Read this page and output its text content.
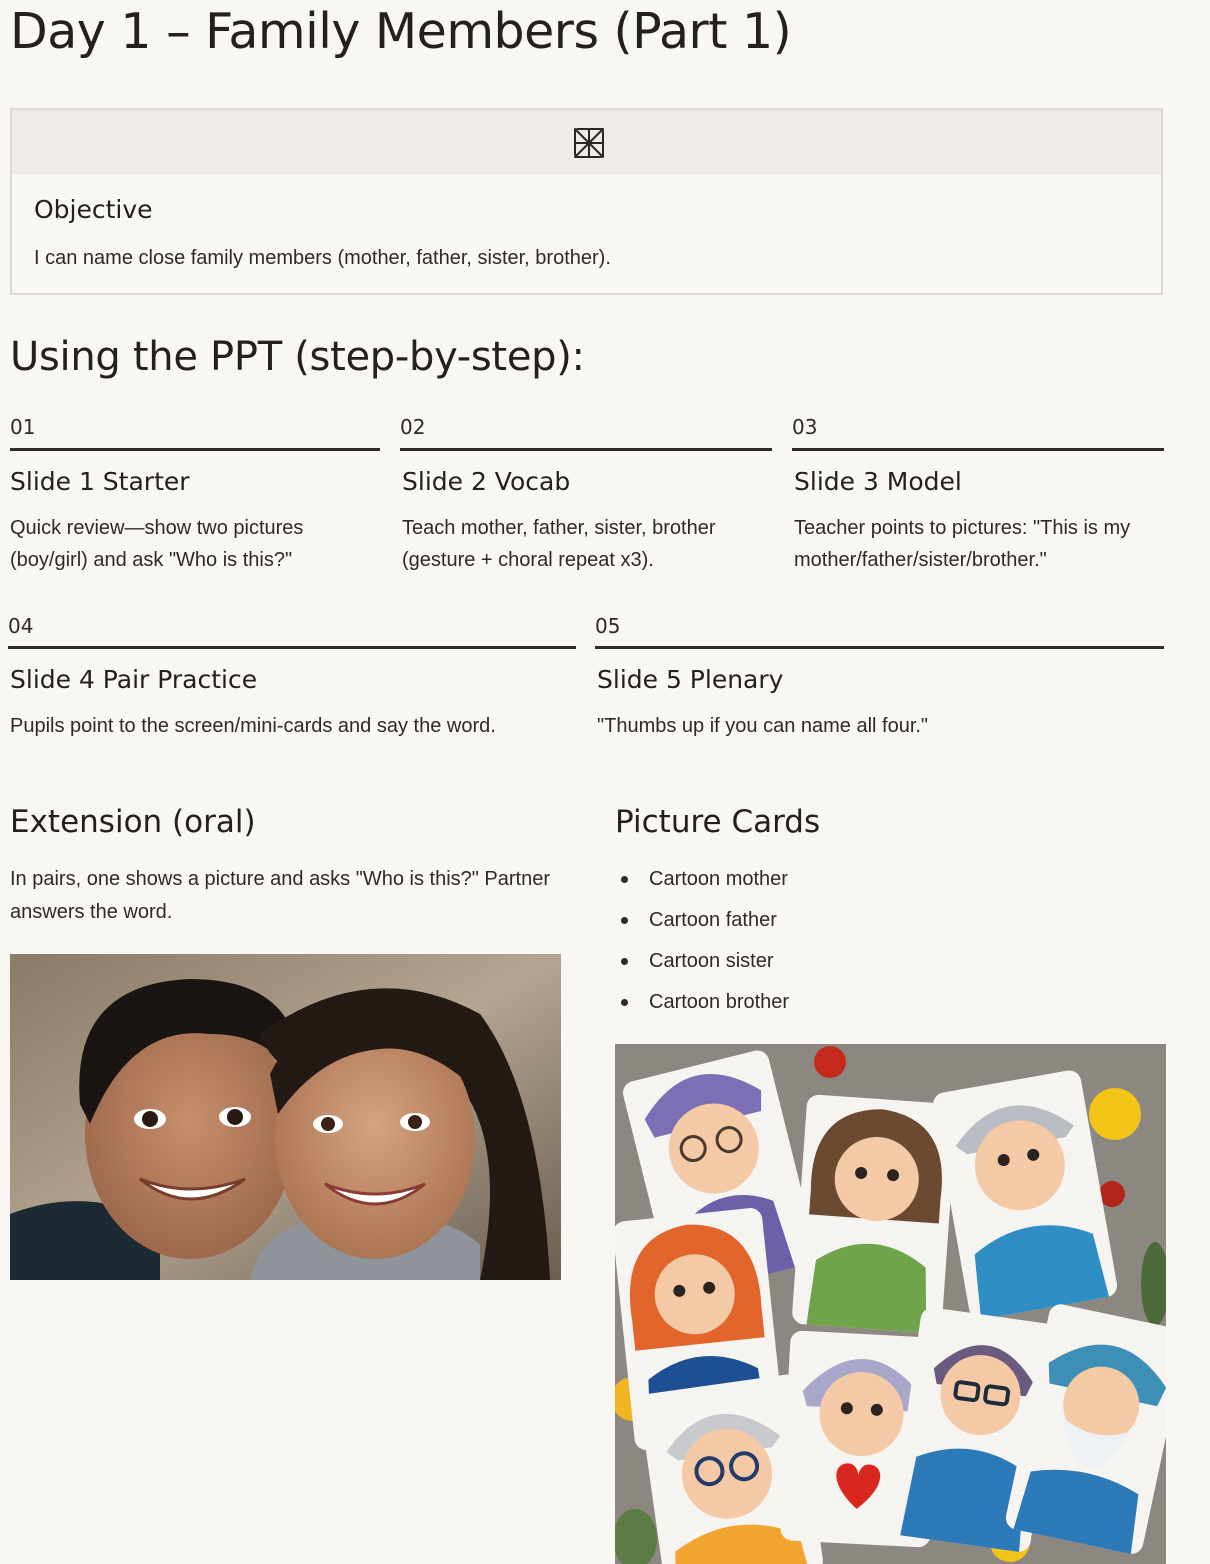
Day 1 – Family Members (Part 1)
Objective
I can name close family members (mother, father, sister, brother).
Using the PPT (step-by-step):
01
Slide 1 Starter
Quick review—show two pictures (boy/girl) and ask "Who is this?"
02
Slide 2 Vocab
Teach mother, father, sister, brother (gesture + choral repeat x3).
03
Slide 3 Model
Teacher points to pictures: "This is my mother/father/sister/brother."
04
Slide 4 Pair Practice
Pupils point to the screen/mini-cards and say the word.
05
Slide 5 Plenary
"Thumbs up if you can name all four."
Extension (oral)
In pairs, one shows a picture and asks "Who is this?" Partner answers the word.
Picture Cards
Cartoon mother
Cartoon father
Cartoon sister
Cartoon brother
